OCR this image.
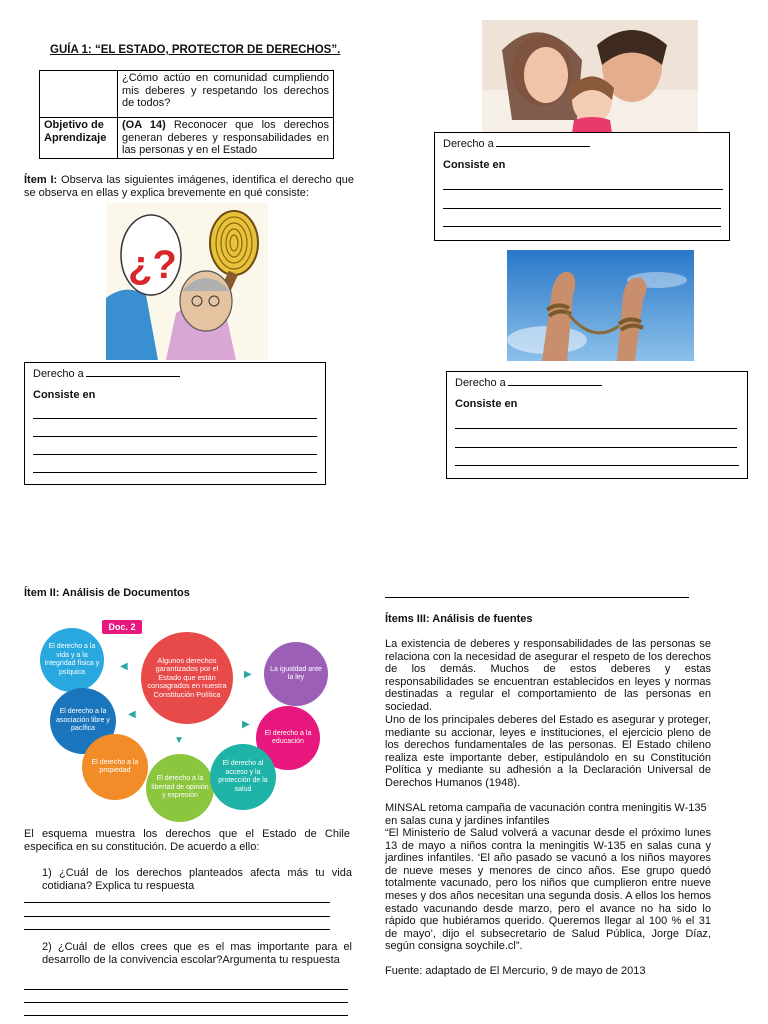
GUÍA 1: “EL ESTADO, PROTECTOR DE DERECHOS”.
	¿Cómo actúo en comunidad cumpliendo mis deberes y respetando los derechos de todos?
Objetivo de Aprendizaje	(OA 14) Reconocer que los derechos generan deberes y responsabilidades en las personas y en el Estado
Ítem I: Observa las siguientes imágenes, identifica el derecho que se observa en ellas y explica brevemente en qué consiste:
¿?
Derecho a
Consiste en
Derecho a
Consiste en
Derecho a
Consiste en
Ítem II: Análisis de Documentos
Doc. 2
Algunos derechos garantizados por el Estado que están consagrados en nuestra Constitución Política
El derecho a la vida y a la integridad física y psíquica	La igualdad ante la ley
El derecho a la asociación libre y pacífica
El derecho a la educación
El derecho a la propiedad
El derecho a la libertad de opinión y expresión
El derecho al acceso y la protección de la salud
◀
▶
◀
▶
▼
El esquema muestra los derechos que el Estado de Chile especifica en su constitución. De acuerdo a ello:
1) ¿Cuál de los derechos planteados afecta más tu vida cotidiana? Explica tu respuesta
2) ¿Cuál de ellos crees que es el mas importante para el desarrollo de la convivencia escolar?Argumenta tu respuesta
Ítems III: Análisis de fuentes
La existencia de deberes y responsabilidades de las personas se relaciona con la necesidad de asegurar el respeto de los derechos de los demás. Muchos de estos deberes y estas responsabilidades se encuentran establecidos en leyes y normas destinadas a regular el comportamiento de las personas en sociedad.
Uno de los principales deberes del Estado es asegurar y proteger, mediante su accionar, leyes e instituciones, el ejercicio pleno de los derechos fundamentales de las personas. El Estado chileno realiza este importante deber, estipulándolo en su Constitución Política y mediante su adhesión a la Declaración Universal de Derechos Humanos (1948).
MINSAL retoma campaña de vacunación contra meningitis W-135 en salas cuna y jardines infantiles
“El Ministerio de Salud volverá a vacunar desde el próximo lunes 13 de mayo a niños contra la meningitis W-135 en salas cuna y jardines infantiles. ‘El año pasado se vacunó a los niños mayores de nueve meses y menores de cinco años. Ese grupo quedó totalmente vacunado, pero los niños que cumplieron entre nueve meses y dos años necesitan una segunda dosis. A ellos los hemos estado vacunando desde marzo, pero el avance no ha sido lo rápido que hubiéramos querido. Queremos llegar al 100 % el 31 de mayo’, dijo el subsecretario de Salud Pública, Jorge Díaz, según consigna soychile.cl”.
Fuente: adaptado de El Mercurio, 9 de mayo de 2013
